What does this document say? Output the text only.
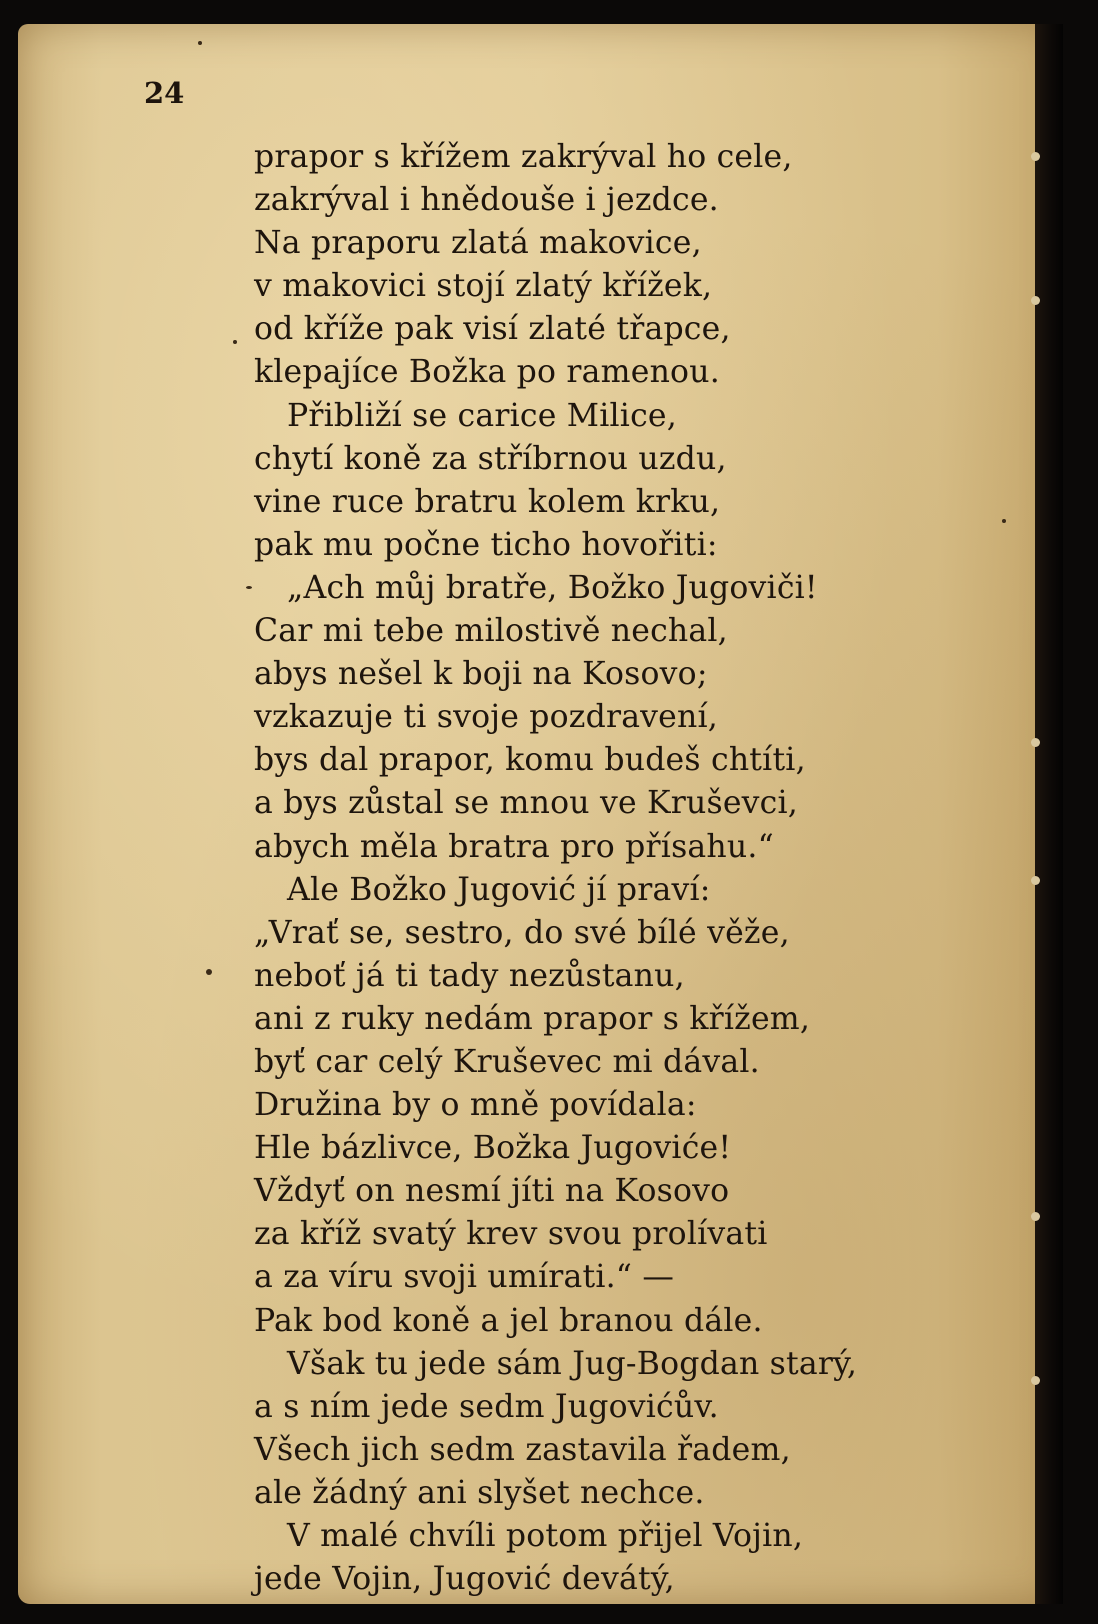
24
prapor s křížem zakrýval ho cele,
zakrýval i hnědouše i jezdce.
Na praporu zlatá makovice,
v makovici stojí zlatý křížek,
od kříže pak visí zlaté třapce,
klepajíce Božka po ramenou.
Přibliží se carice Milice,
chytí koně za stříbrnou uzdu,
vine ruce bratru kolem krku,
pak mu počne ticho hovořiti:
„Ach můj bratře, Božko Jugoviči!
Car mi tebe milostivě nechal,
abys nešel k boji na Kosovo;
vzkazuje ti svoje pozdravení,
bys dal prapor, komu budeš chtíti,
a bys zůstal se mnou ve Kruševci,
abych měla bratra pro přísahu.“
Ale Božko Jugović jí praví:
„Vrať se, sestro, do své bílé věže,
neboť já ti tady nezůstanu,
ani z ruky nedám prapor s křížem,
byť car celý Kruševec mi dával.
Družina by o mně povídala:
Hle bázlivce, Božka Jugoviće!
Vždyť on nesmí jíti na Kosovo
za kříž svatý krev svou prolívati
a za víru svoji umírati.“ —
Pak bod koně a jel branou dále.
Však tu jede sám Jug-Bogdan starý,
a s ním jede sedm Jugovićův.
Všech jich sedm zastavila řadem,
ale žádný ani slyšet nechce.
V malé chvíli potom přijel Vojin,
jede Vojin, Jugović devátý,
